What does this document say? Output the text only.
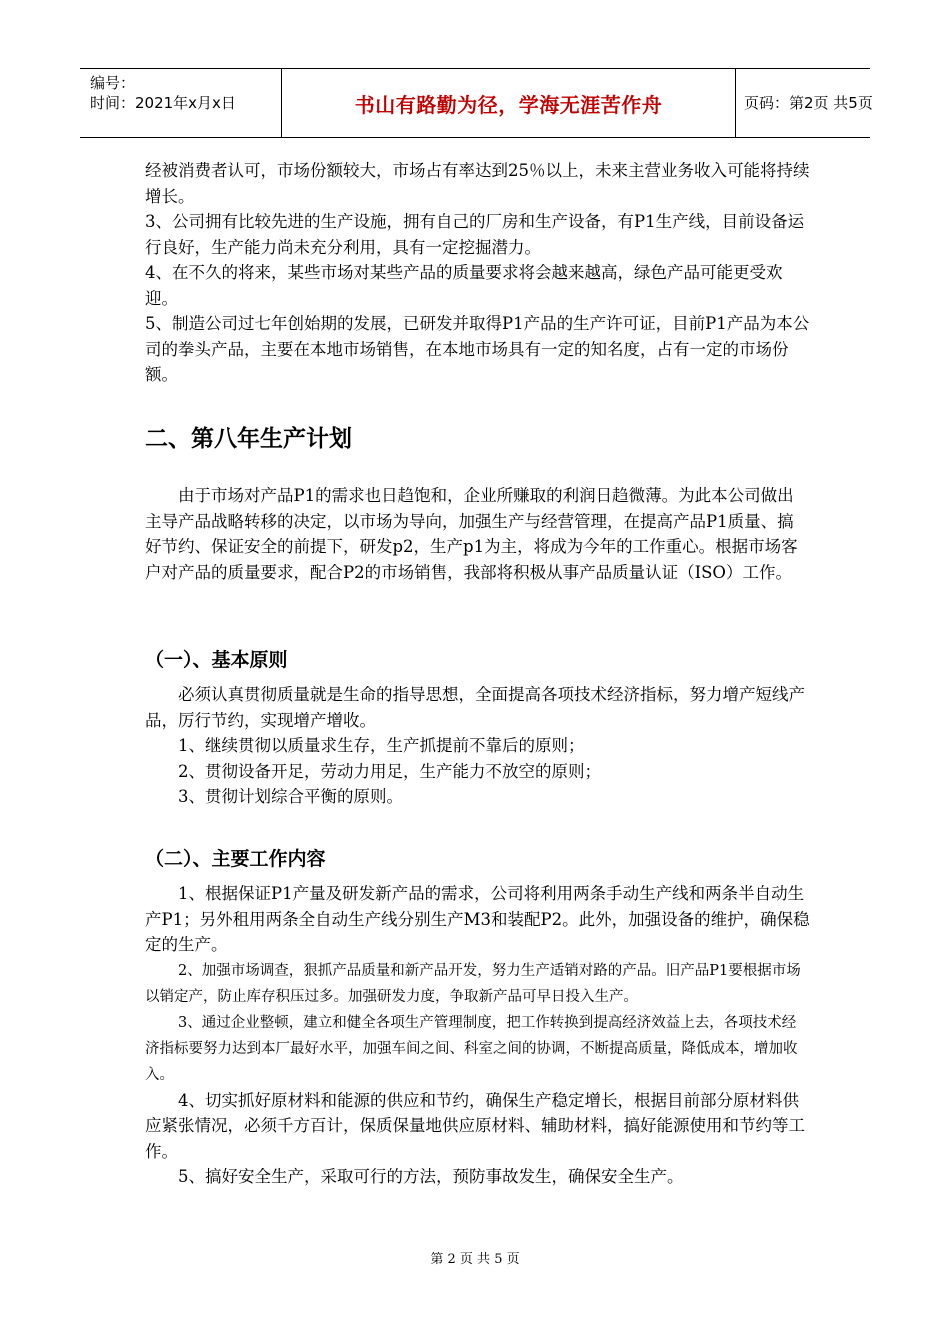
编号：
时间：2021年x月x日	书山有路勤为径，学海无涯苦作舟	页码：第2页 共5页

经被消费者认可，市场份额较大，市场占有率达到25％以上，未来主营业务收入可能将持续增长。

3、公司拥有比较先进的生产设施，拥有自己的厂房和生产设备，有P1生产线，目前设备运行良好，生产能力尚未充分利用，具有一定挖掘潜力。

4、在不久的将来，某些市场对某些产品的质量要求将会越来越高，绿色产品可能更受欢迎。

5、制造公司过七年创始期的发展，已研发并取得P1产品的生产许可证，目前P1产品为本公司的拳头产品，主要在本地市场销售，在本地市场具有一定的知名度，占有一定的市场份额。

二、第八年生产计划

由于市场对产品P1的需求也日趋饱和，企业所赚取的利润日趋微薄。为此本公司做出主导产品战略转移的决定，以市场为导向，加强生产与经营管理，在提高产品P1质量、搞好节约、保证安全的前提下，研发p2，生产p1为主，将成为今年的工作重心。根据市场客户对产品的质量要求，配合P2的市场销售，我部将积极从事产品质量认证（ISO）工作。

（一）、基本原则

必须认真贯彻质量就是生命的指导思想，全面提高各项技术经济指标，努力增产短线产品，厉行节约，实现增产增收。

1、继续贯彻以质量求生存，生产抓提前不靠后的原则；

2、贯彻设备开足，劳动力用足，生产能力不放空的原则；

3、贯彻计划综合平衡的原则。

（二）、主要工作内容

1、根据保证P1产量及研发新产品的需求，公司将利用两条手动生产线和两条半自动生产P1；另外租用两条全自动生产线分别生产M3和装配P2。此外，加强设备的维护，确保稳定的生产。

2、加强市场调查，狠抓产品质量和新产品开发，努力生产适销对路的产品。旧产品P1要根据市场以销定产，防止库存积压过多。加强研发力度，争取新产品可早日投入生产。

3、通过企业整顿，建立和健全各项生产管理制度，把工作转换到提高经济效益上去，各项技术经济指标要努力达到本厂最好水平，加强车间之间、科室之间的协调，不断提高质量，降低成本，增加收入。

4、切实抓好原材料和能源的供应和节约，确保生产稳定增长，根据目前部分原材料供应紧张情况，必须千方百计，保质保量地供应原材料、辅助材料，搞好能源使用和节约等工作。

5、搞好安全生产，采取可行的方法，预防事故发生，确保安全生产。

第 2 页 共 5 页
